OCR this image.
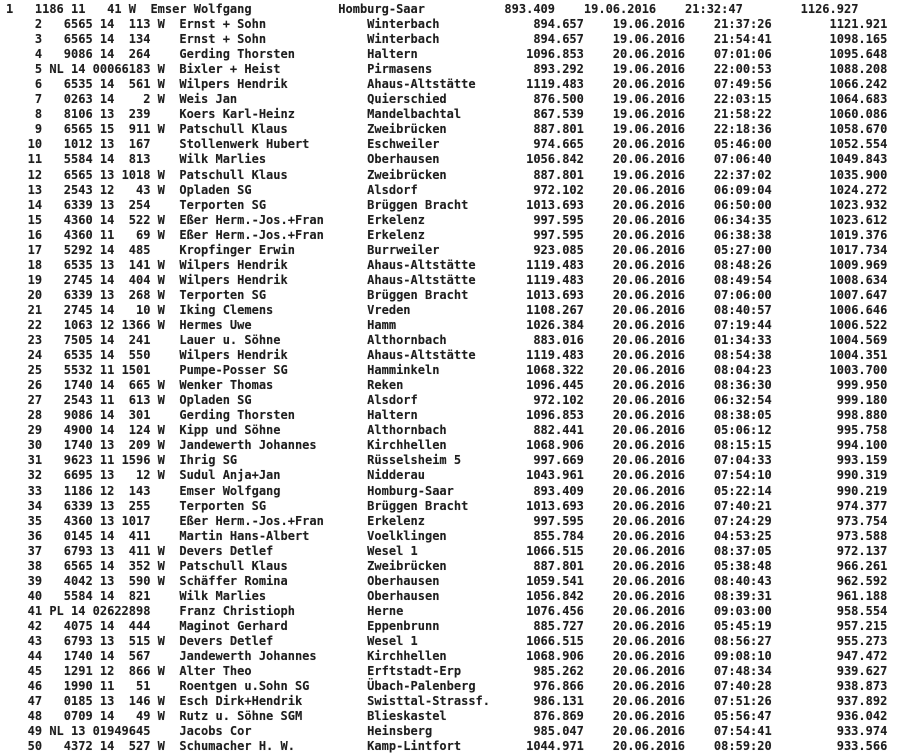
1 1186 11   41 W Emser Wolfgang	Homburg-Saar	893.409 19.06.2016 21:32:47	1126.927
2 6565 14  113 W Ernst + Sohn	Winterbach	894.657 19.06.2016 21:37:26	1121.921
3 6565 14  134 Ernst + Sohn	Winterbach	894.657 19.06.2016 21:54:41	1098.165
4 9086 14  264 Gerding Thorsten	Haltern	1096.853 20.06.2016 07:01:06	1095.648
5 NL 14 00066183 W Bixler + Heist	Pirmasens	893.292 19.06.2016 22:00:53	1088.208
6 6535 14  561 W Wilpers Hendrik	Ahaus-Altstätte	1119.483 20.06.2016 07:49:56	1066.242
7 0263 14    2 W Weis Jan	Quierschied	876.500 19.06.2016 22:03:15	1064.683
8 8106 13  239 Koers Karl-Heinz	Mandelbachtal	867.539 19.06.2016 21:58:22	1060.086
9 6565 15  911 W Patschull Klaus	Zweibrücken	887.801 19.06.2016 22:18:36	1058.670
10 1012 13  167 Stollenwerk Hubert	Eschweiler	974.665 20.06.2016 05:46:00	1052.554
11 5584 14  813 Wilk Marlies	Oberhausen	1056.842 20.06.2016 07:06:40	1049.843
12 6565 13 1018 W Patschull Klaus	Zweibrücken	887.801 19.06.2016 22:37:02	1035.900
13 2543 12   43 W Opladen SG	Alsdorf	972.102 20.06.2016 06:09:04	1024.272
14 6339 13  254 Terporten SG	Brüggen Bracht	1013.693 20.06.2016 06:50:00	1023.932
15 4360 14  522 W Eßer Herm.-Jos.+Fran	Erkelenz	997.595 20.06.2016 06:34:35	1023.612
16 4360 11   69 W Eßer Herm.-Jos.+Fran	Erkelenz	997.595 20.06.2016 06:38:38	1019.376
17 5292 14  485 Kropfinger Erwin	Burrweiler	923.085 20.06.2016 05:27:00	1017.734
18 6535 13  141 W Wilpers Hendrik	Ahaus-Altstätte	1119.483 20.06.2016 08:48:26	1009.969
19 2745 14  404 W Wilpers Hendrik	Ahaus-Altstätte	1119.483 20.06.2016 08:49:54	1008.634
20 6339 13  268 W Terporten SG	Brüggen Bracht	1013.693 20.06.2016 07:06:00	1007.647
21 2745 14   10 W Iking Clemens	Vreden	1108.267 20.06.2016 08:40:57	1006.646
22 1063 12 1366 W Hermes Uwe	Hamm	1026.384 20.06.2016 07:19:44	1006.522
23 7505 14  241 Lauer u. Söhne	Althornbach	883.016 20.06.2016 01:34:33	1004.569
24 6535 14  550 Wilpers Hendrik	Ahaus-Altstätte	1119.483 20.06.2016 08:54:38	1004.351
25 5532 11 1501 Pumpe-Posser SG	Hamminkeln	1068.322 20.06.2016 08:04:23	1003.700
26 1740 14  665 W Wenker Thomas	Reken	1096.445 20.06.2016 08:36:30	999.950
27 2543 11  613 W Opladen SG	Alsdorf	972.102 20.06.2016 06:32:54	999.180
28 9086 14  301 Gerding Thorsten	Haltern	1096.853 20.06.2016 08:38:05	998.880
29 4900 14  124 W Kipp und Söhne	Althornbach	882.441 20.06.2016 05:06:12	995.758
30 1740 13  209 W Jandewerth Johannes	Kirchhellen	1068.906 20.06.2016 08:15:15	994.100
31 9623 11 1596 W Ihrig SG	Rüsselsheim 5	997.669 20.06.2016 07:04:33	993.159
32 6695 13   12 W Sudul Anja+Jan	Nidderau	1043.961 20.06.2016 07:54:10	990.319
33 1186 12  143 Emser Wolfgang	Homburg-Saar	893.409 20.06.2016 05:22:14	990.219
34 6339 13  255 Terporten SG	Brüggen Bracht	1013.693 20.06.2016 07:40:21	974.377
35 4360 13 1017 Eßer Herm.-Jos.+Fran	Erkelenz	997.595 20.06.2016 07:24:29	973.754
36 0145 14  411 Martin Hans-Albert	Voelklingen	855.784 20.06.2016 04:53:25	973.588
37 6793 13  411 W Devers Detlef	Wesel 1	1066.515 20.06.2016 08:37:05	972.137
38 6565 14  352 W Patschull Klaus	Zweibrücken	887.801 20.06.2016 05:38:48	966.261
39 4042 13  590 W Schäffer Romina	Oberhausen	1059.541 20.06.2016 08:40:43	962.592
40 5584 14  821 Wilk Marlies	Oberhausen	1056.842 20.06.2016 08:39:31	961.188
41 PL 14 02622898 Franz Christioph	Herne	1076.456 20.06.2016 09:03:00	958.554
42 4075 14  444 Maginot Gerhard	Eppenbrunn	885.727 20.06.2016 05:45:19	957.215
43 6793 13  515 W Devers Detlef	Wesel 1	1066.515 20.06.2016 08:56:27	955.273
44 1740 14  567 Jandewerth Johannes	Kirchhellen	1068.906 20.06.2016 09:08:10	947.472
45 1291 12  866 W Alter Theo	Erftstadt-Erp	985.262 20.06.2016 07:48:34	939.627
46 1990 11   51 Roentgen u.Sohn SG	Übach-Palenberg	976.866 20.06.2016 07:40:28	938.873
47 0185 13  146 W Esch Dirk+Hendrik	Swisttal-Strassf.	986.131 20.06.2016 07:51:26	937.892
48 0709 14   49 W Rutz u. Söhne SGM	Blieskastel	876.869 20.06.2016 05:56:47	936.042
49 NL 13 01949645 Jacobs Cor	Heinsberg	985.047 20.06.2016 07:54:41	933.974
50 4372 14  527 W Schumacher H. W.	Kamp-Lintfort	1044.971 20.06.2016 08:59:20	933.566
